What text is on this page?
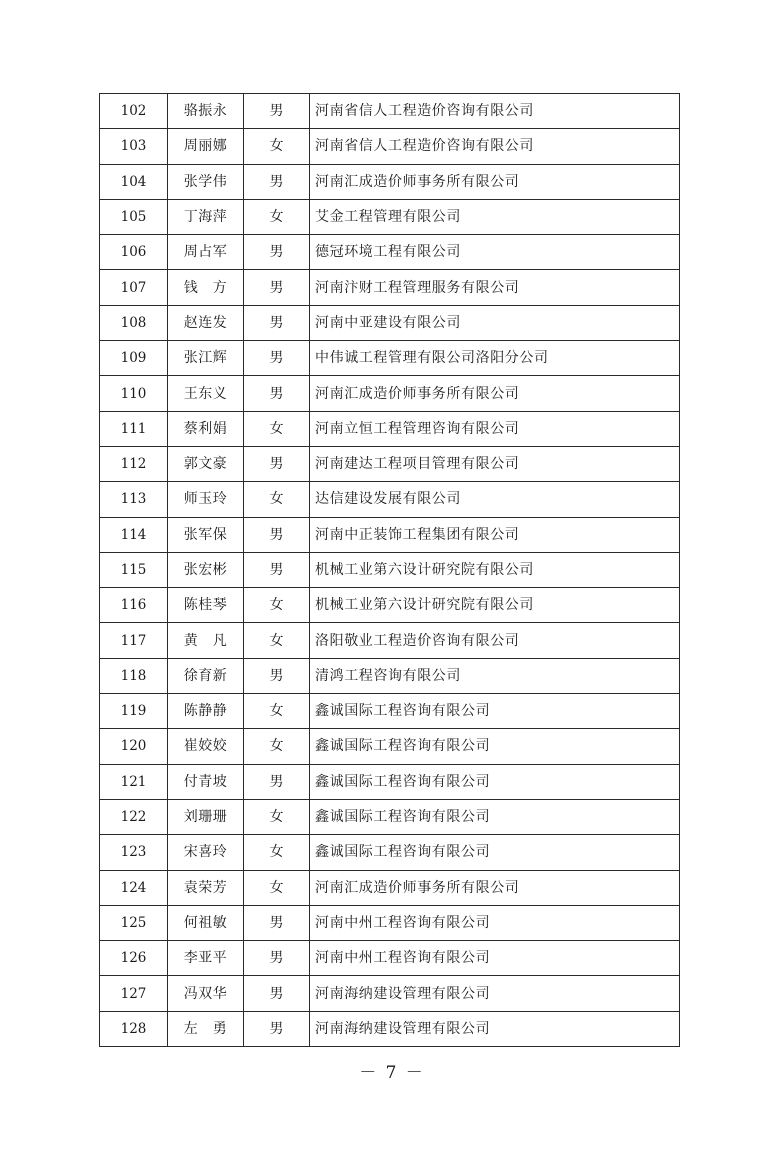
102	骆振永	男	河南省信人工程造价咨询有限公司
103	周丽娜	女	河南省信人工程造价咨询有限公司
104	张学伟	男	河南汇成造价师事务所有限公司
105	丁海萍	女	艾金工程管理有限公司
106	周占军	男	德冠环境工程有限公司
107	钱　方	男	河南汴财工程管理服务有限公司
108	赵连发	男	河南中亚建设有限公司
109	张江辉	男	中伟诚工程管理有限公司洛阳分公司
110	王东义	男	河南汇成造价师事务所有限公司
111	蔡利娟	女	河南立恒工程管理咨询有限公司
112	郭文豪	男	河南建达工程项目管理有限公司
113	师玉玲	女	达信建设发展有限公司
114	张军保	男	河南中正装饰工程集团有限公司
115	张宏彬	男	机械工业第六设计研究院有限公司
116	陈桂琴	女	机械工业第六设计研究院有限公司
117	黄　凡	女	洛阳敬业工程造价咨询有限公司
118	徐育新	男	清鸿工程咨询有限公司
119	陈静静	女	鑫诚国际工程咨询有限公司
120	崔姣姣	女	鑫诚国际工程咨询有限公司
121	付青坡	男	鑫诚国际工程咨询有限公司
122	刘珊珊	女	鑫诚国际工程咨询有限公司
123	宋喜玲	女	鑫诚国际工程咨询有限公司
124	袁荣芳	女	河南汇成造价师事务所有限公司
125	何祖敏	男	河南中州工程咨询有限公司
126	李亚平	男	河南中州工程咨询有限公司
127	冯双华	男	河南海纳建设管理有限公司
128	左　勇	男	河南海纳建设管理有限公司
－ 7 －
